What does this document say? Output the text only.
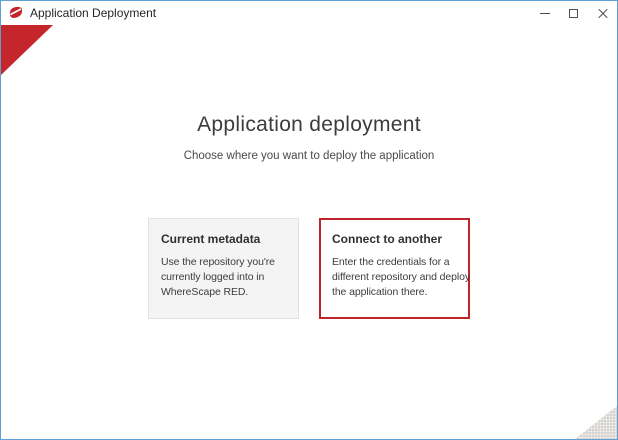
Application Deployment
Application deployment
Choose where you want to deploy the application
Current metadata
Use the repository you're
currently logged into in
WhereScape RED.
Connect to another
Enter the credentials for a
different repository and deploy
the application there.
